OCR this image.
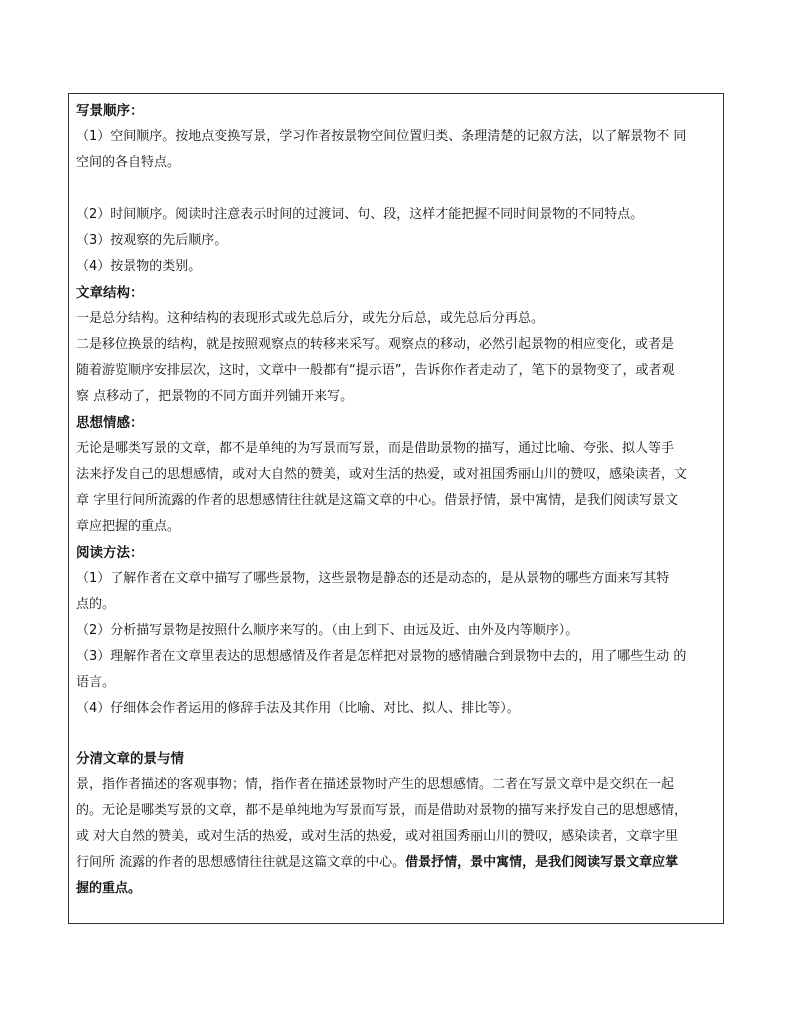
写景顺序：
（1）空间顺序。按地点变换写景，学习作者按景物空间位置归类、条理清楚的记叙方法，以了解景物不 同
空间的各自特点。
（2）时间顺序。阅读时注意表示时间的过渡词、句、段，这样才能把握不同时间景物的不同特点。
（3）按观察的先后顺序。
（4）按景物的类别。
文章结构：
一是总分结构。这种结构的表现形式或先总后分，或先分后总，或先总后分再总。
二是移位换景的结构，就是按照观察点的转移来采写。观察点的移动，必然引起景物的相应变化，或者是
随着游览顺序安排层次，这时，文章中一般都有“提示语”，告诉你作者走动了，笔下的景物变了，或者观
察 点移动了，把景物的不同方面并列铺开来写。
思想情感：
无论是哪类写景的文章，都不是单纯的为写景而写景，而是借助景物的描写，通过比喻、夸张、拟人等手
法来抒发自己的思想感情，或对大自然的赞美，或对生活的热爱，或对祖国秀丽山川的赞叹，感染读者，文
章 字里行间所流露的作者的思想感情往往就是这篇文章的中心。借景抒情，景中寓情，是我们阅读写景文
章应把握的重点。
阅读方法：
（1）了解作者在文章中描写了哪些景物，这些景物是静态的还是动态的，是从景物的哪些方面来写其特
点的。
（2）分析描写景物是按照什么顺序来写的。（由上到下、由远及近、由外及内等顺序）。
（3）理解作者在文章里表达的思想感情及作者是怎样把对景物的感情融合到景物中去的，用了哪些生动 的
语言。
（4）仔细体会作者运用的修辞手法及其作用（比喻、对比、拟人、排比等）。
分清文章的景与情
景，指作者描述的客观事物；情，指作者在描述景物时产生的思想感情。二者在写景文章中是交织在一起
的。无论是哪类写景的文章，都不是单纯地为写景而写景，而是借助对景物的描写来抒发自己的思想感情，
或 对大自然的赞美，或对生活的热爱，或对生活的热爱，或对祖国秀丽山川的赞叹，感染读者，文章字里
行间所 流露的作者的思想感情往往就是这篇文章的中心。借景抒情，景中寓情，是我们阅读写景文章应掌
握的重点。
